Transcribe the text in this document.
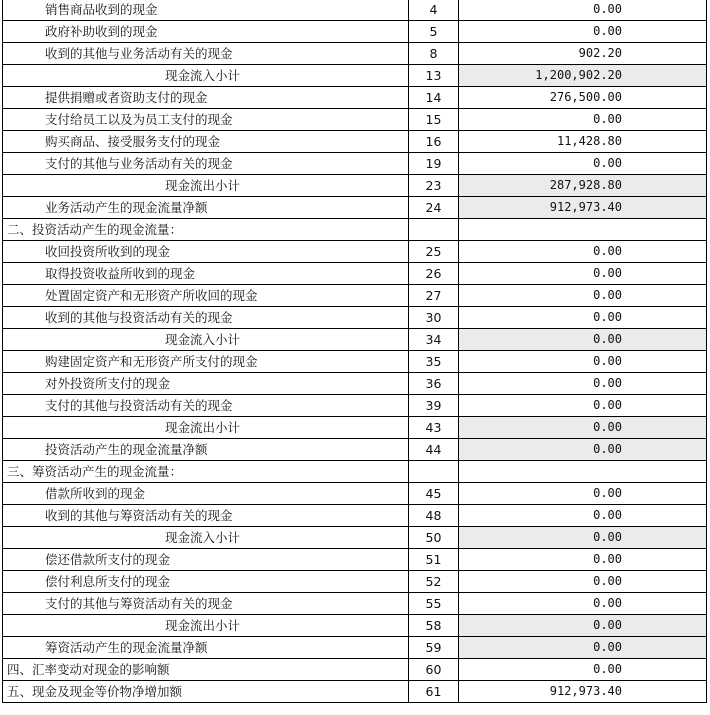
销售商品收到的现金	4	0.00
政府补助收到的现金	5	0.00
收到的其他与业务活动有关的现金	8	902.20
现金流入小计	13	1,200,902.20
提供捐赠或者资助支付的现金	14	276,500.00
支付给员工以及为员工支付的现金	15	0.00
购买商品、接受服务支付的现金	16	11,428.80
支付的其他与业务活动有关的现金	19	0.00
现金流出小计	23	287,928.80
业务活动产生的现金流量净额	24	912,973.40
二、投资活动产生的现金流量：		
收回投资所收到的现金	25	0.00
取得投资收益所收到的现金	26	0.00
处置固定资产和无形资产所收回的现金	27	0.00
收到的其他与投资活动有关的现金	30	0.00
现金流入小计	34	0.00
购建固定资产和无形资产所支付的现金	35	0.00
对外投资所支付的现金	36	0.00
支付的其他与投资活动有关的现金	39	0.00
现金流出小计	43	0.00
投资活动产生的现金流量净额	44	0.00
三、筹资活动产生的现金流量：		
借款所收到的现金	45	0.00
收到的其他与筹资活动有关的现金	48	0.00
现金流入小计	50	0.00
偿还借款所支付的现金	51	0.00
偿付利息所支付的现金	52	0.00
支付的其他与筹资活动有关的现金	55	0.00
现金流出小计	58	0.00
筹资活动产生的现金流量净额	59	0.00
四、汇率变动对现金的影响额	60	0.00
五、现金及现金等价物净增加额	61	912,973.40
